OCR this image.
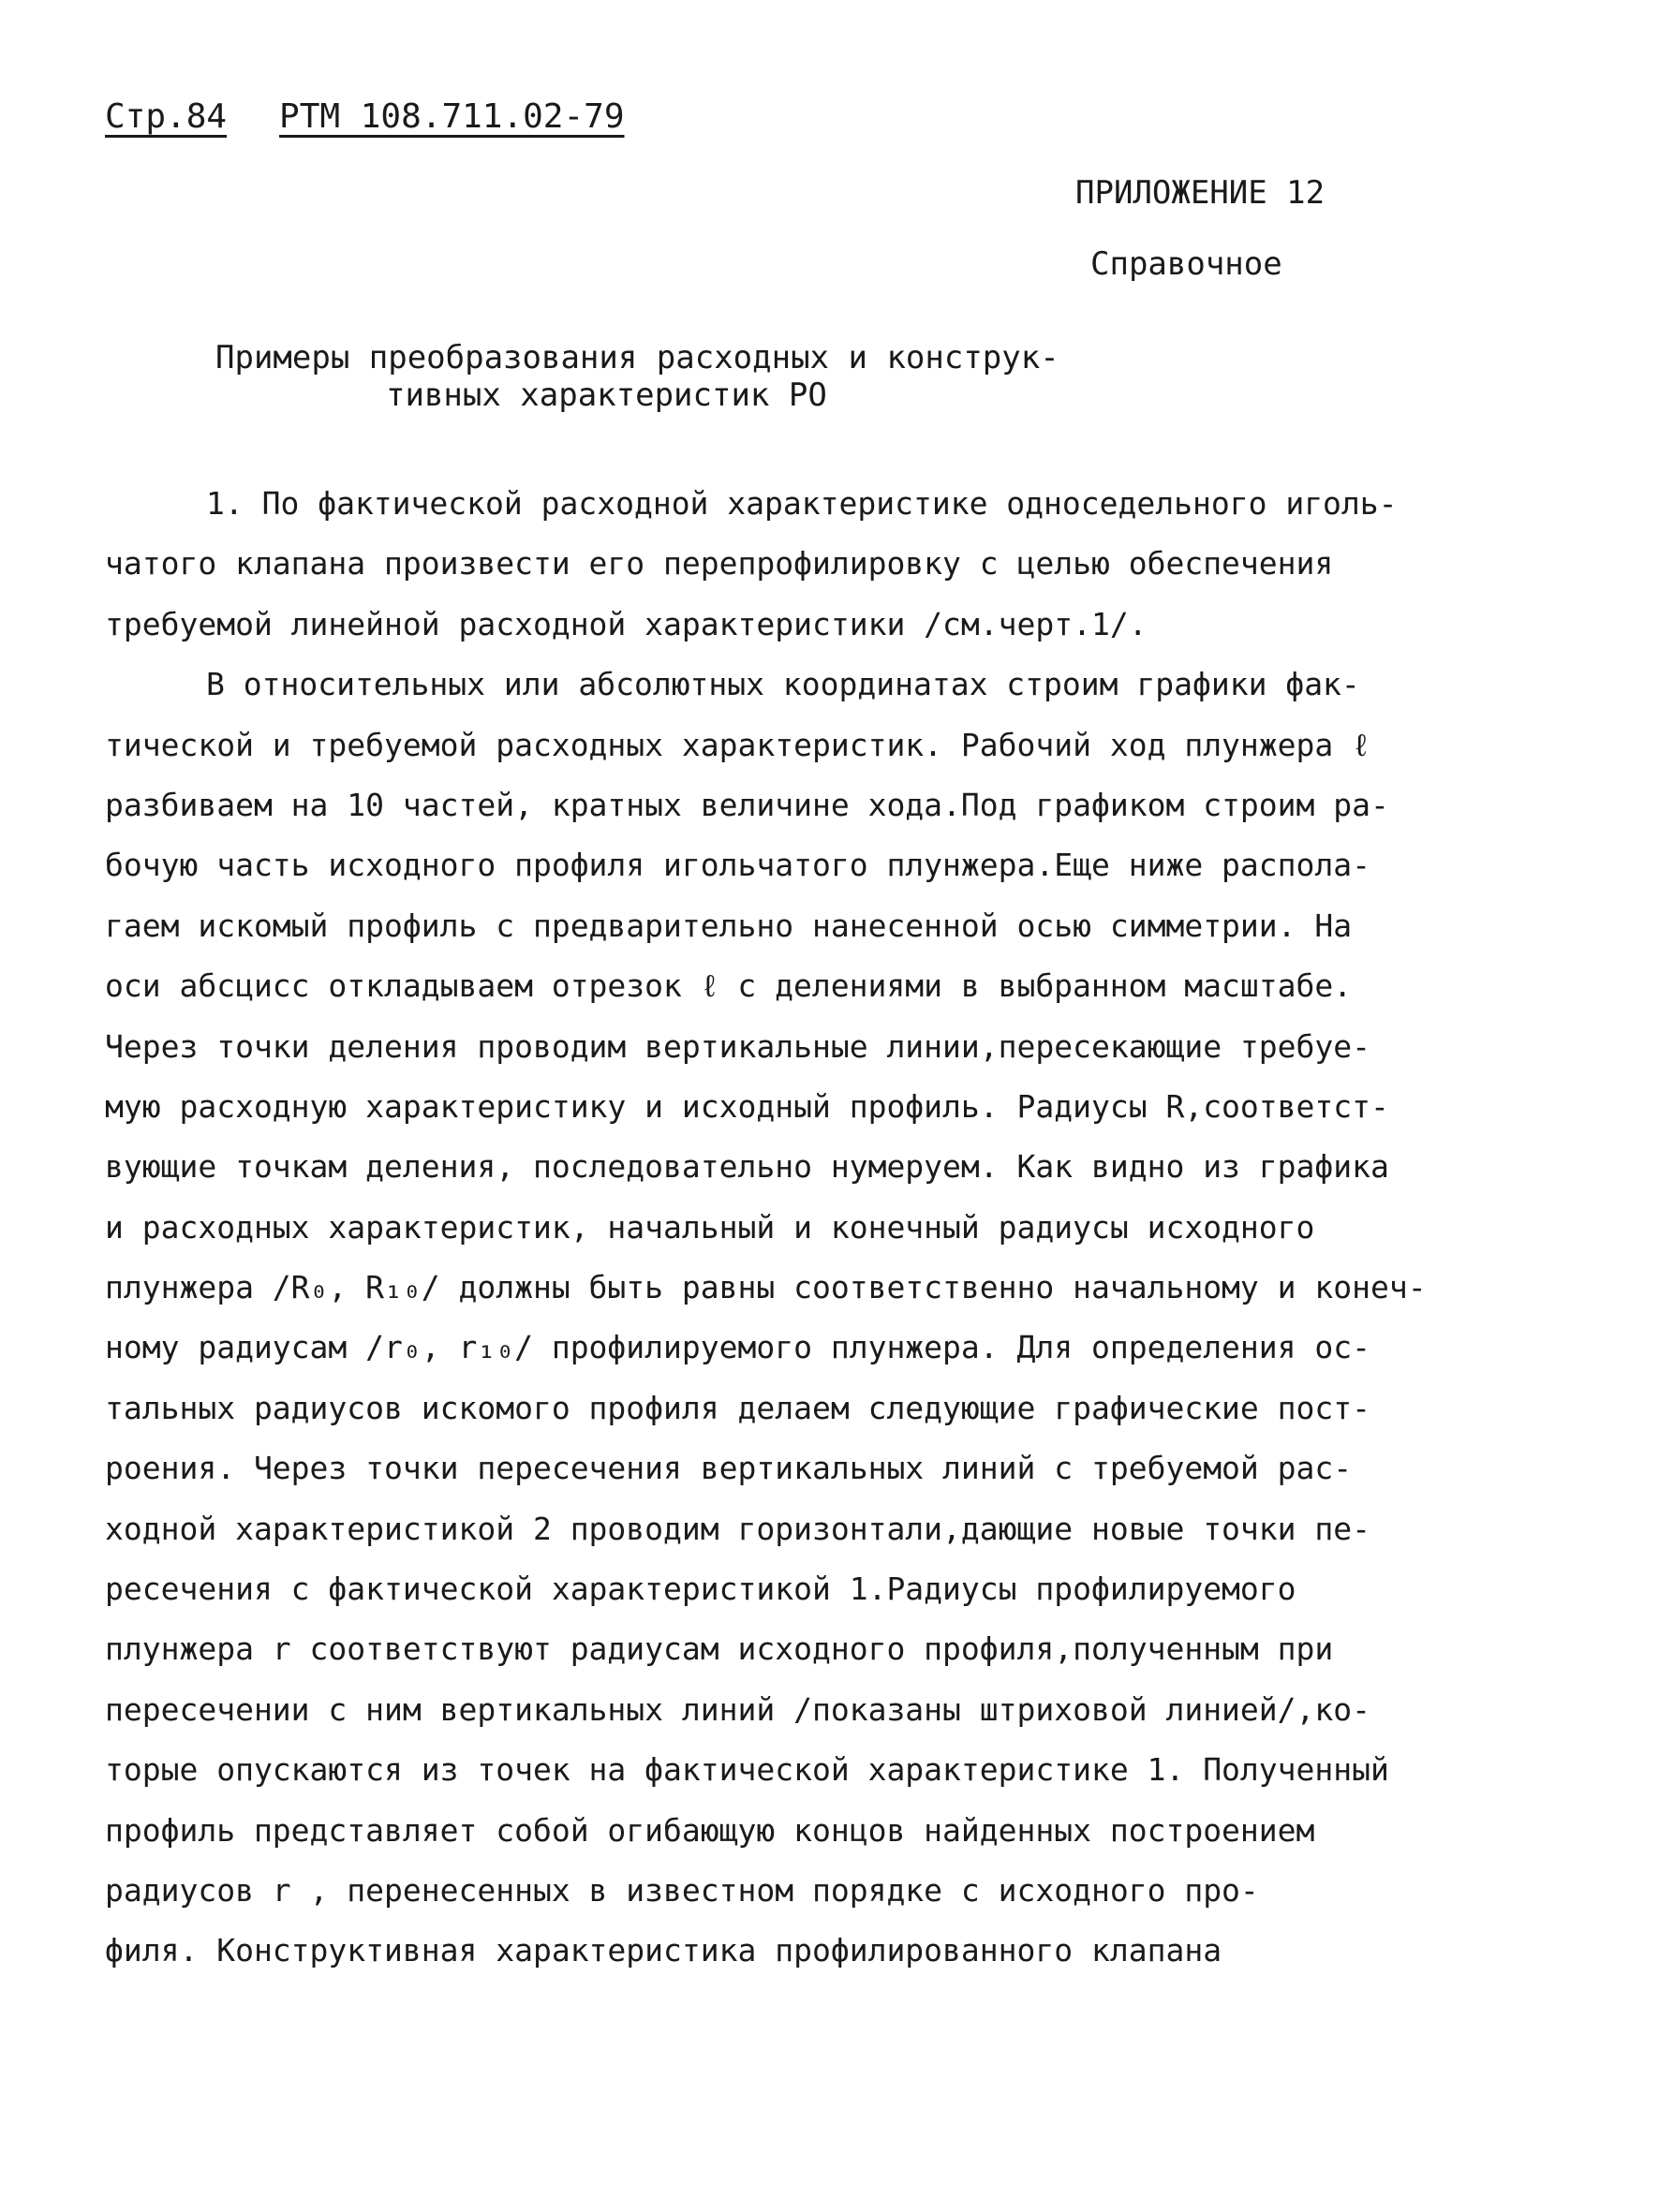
Стр.84 РТМ 108.711.02-79
ПРИЛОЖЕНИЕ 12
Справочное
Примеры преобразования расходных и конструк-
тивных характеристик РО
1. По фактической расходной характеристике односедельного иголь-
чатого клапана произвести его перепрофилировку с целью обеспечения
требуемой линейной расходной характеристики /см.черт.1/.
В относительных или абсолютных координатах строим графики фак-
тической и требуемой расходных характеристик. Рабочий ход плунжера ℓ
разбиваем на 10 частей, кратных величине хода.Под графиком строим ра-
бочую часть исходного профиля игольчатого плунжера.Еще ниже распола-
гаем искомый профиль с предварительно нанесенной осью симметрии. На
оси абсцисс откладываем отрезок ℓ с делениями в выбранном масштабе.
Через точки деления проводим вертикальные линии,пересекающие требуе-
мую расходную характеристику и исходный профиль. Радиусы R,соответст-
вующие точкам деления, последовательно нумеруем. Как видно из графика
и расходных характеристик, начальный и конечный радиусы исходного
плунжера /R₀, R₁₀/ должны быть равны соответственно начальному и конеч-
ному радиусам /r₀, r₁₀/ профилируемого плунжера. Для определения ос-
тальных радиусов искомого профиля делаем следующие графические пост-
роения. Через точки пересечения вертикальных линий с требуемой рас-
ходной характеристикой 2 проводим горизонтали,дающие новые точки пе-
ресечения с фактической характеристикой 1.Радиусы профилируемого
плунжера r соответствуют радиусам исходного профиля,полученным при
пересечении с ним вертикальных линий /показаны штриховой линией/,ко-
торые опускаются из точек на фактической характеристике 1. Полученный
профиль представляет собой огибающую концов найденных построением
радиусов r , перенесенных в известном порядке с исходного про-
филя. Конструктивная характеристика профилированного клапана
